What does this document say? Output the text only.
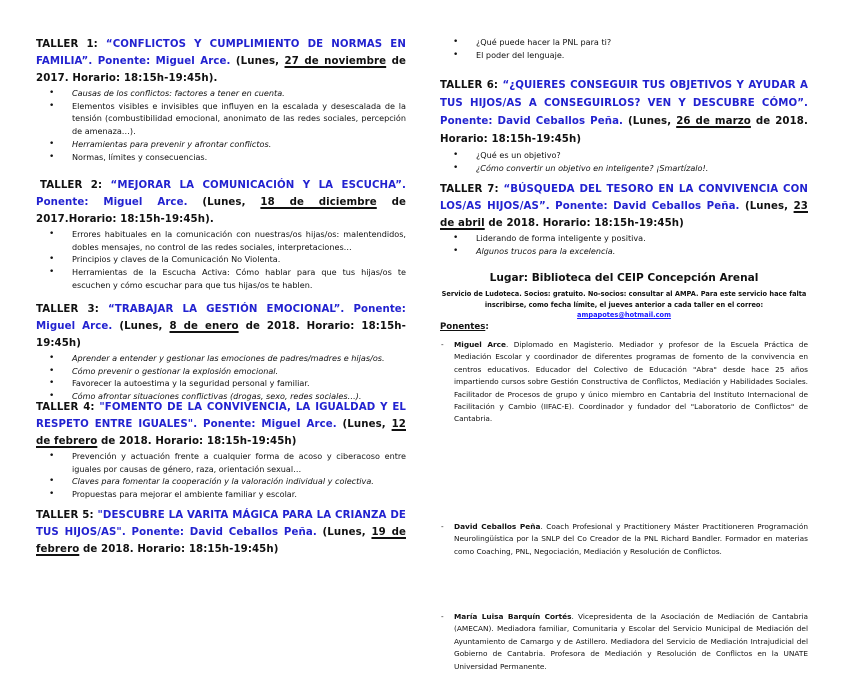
TALLER 1: “CONFLICTOS Y CUMPLIMIENTO DE NORMAS EN FAMILIA”. Ponente: Miguel Arce. (Lunes, 27 de noviembre de 2017. Horario: 18:15h-19:45h).
• Causas de los conflictos: factores a tener en cuenta.
• Elementos visibles e invisibles que influyen en la escalada y desescalada de la tensión (combustibilidad emocional, anonimato de las redes sociales, percepción de amenaza…).
• Herramientas para prevenir y afrontar conflictos.
• Normas, límites y consecuencias.
TALLER 2: “MEJORAR LA COMUNICACIÓN Y LA ESCUCHA”. Ponente: Miguel Arce. (Lunes, 18 de diciembre de 2017.Horario: 18:15h-19:45h).
• Errores habituales en la comunicación con nuestras/os hijas/os: malentendidos, dobles mensajes, no control de las redes sociales, interpretaciones…
• Principios y claves de la Comunicación No Violenta.
• Herramientas de la Escucha Activa: Cómo hablar para que tus hijas/os te escuchen y cómo escuchar para que tus hijas/os te hablen.
TALLER 3: “TRABAJAR LA GESTIÓN EMOCIONAL”. Ponente: Miguel Arce. (Lunes, 8 de enero de 2018. Horario: 18:15h-19:45h)
• Aprender a entender y gestionar las emociones de padres/madres e hijas/os.
• Cómo prevenir o gestionar la explosión emocional.
• Favorecer la autoestima y la seguridad personal y familiar.
• Cómo afrontar situaciones conflictivas (drogas, sexo, redes sociales…).
TALLER 4: "FOMENTO DE LA CONVIVENCIA, LA IGUALDAD Y EL RESPETO ENTRE IGUALES". Ponente: Miguel Arce. (Lunes, 12 de febrero de 2018. Horario: 18:15h-19:45h)
• Prevención y actuación frente a cualquier forma de acoso y ciberacoso entre iguales por causas de género, raza, orientación sexual…
• Claves para fomentar la cooperación y la valoración individual y colectiva.
• Propuestas para mejorar el ambiente familiar y escolar.
TALLER 5: "DESCUBRE LA VARITA MÁGICA PARA LA CRIANZA DE TUS HIJOS/AS". Ponente: David Ceballos Peña. (Lunes, 19 de febrero de 2018. Horario: 18:15h-19:45h)
• ¿Qué puede hacer la PNL para ti?
• El poder del lenguaje.
TALLER 6: “¿QUIERES CONSEGUIR TUS OBJETIVOS Y AYUDAR A TUS HIJOS/AS A CONSEGUIRLOS? VEN Y DESCUBRE CÓMO”. Ponente: David Ceballos Peña. (Lunes, 26 de marzo de 2018. Horario: 18:15h-19:45h)
• ¿Qué es un objetivo?
• ¿Cómo convertir un objetivo en inteligente? ¡Smartízalo!.
TALLER 7: “BÚSQUEDA DEL TESORO EN LA CONVIVENCIA CON LOS/AS HIJOS/AS”. Ponente: David Ceballos Peña. (Lunes, 23 de abril de 2018. Horario: 18:15h-19:45h)
• Liderando de forma inteligente y positiva.
• Algunos trucos para la excelencia.
Lugar: Biblioteca del CEIP Concepción Arenal
Servicio de Ludoteca. Socios: gratuito. No-socios: consultar al AMPA. Para este servicio hace falta inscribirse, como fecha límite, el jueves anterior a cada taller en el correo: ampapotes@hotmail.com
Ponentes:
- Miguel Arce. Diplomado en Magisterio. Mediador y profesor de la Escuela Práctica de Mediación Escolar y coordinador de diferentes programas de fomento de la convivencia en centros educativos. Educador del Colectivo de Educación "Abra" desde hace 25 años impartiendo cursos sobre Gestión Constructiva de Conflictos, Mediación y Habilidades Sociales. Facilitador de Procesos de grupo y único miembro en Cantabria del Instituto Internacional de Facilitación y Cambio (IIFAC-E). Coordinador y fundador del "Laboratorio de Conflictos" de Cantabria.
- David Ceballos Peña. Coach Profesional y Practitionery Máster Practitioneren Programación Neurolingüística por la SNLP del Co Creador de la PNL Richard Bandler. Formador en materias como Coaching, PNL, Negociación, Mediación y Resolución de Conflictos.
- María Luisa Barquín Cortés. Vicepresidenta de la Asociación de Mediación de Cantabria (AMECAN). Mediadora familiar, Comunitaria y Escolar del Servicio Municipal de Mediación del Ayuntamiento de Camargo y de Astillero. Mediadora del Servicio de Mediación Intrajudicial del Gobierno de Cantabria. Profesora de Mediación y Resolución de Conflictos en la UNATE Universidad Permanente.
